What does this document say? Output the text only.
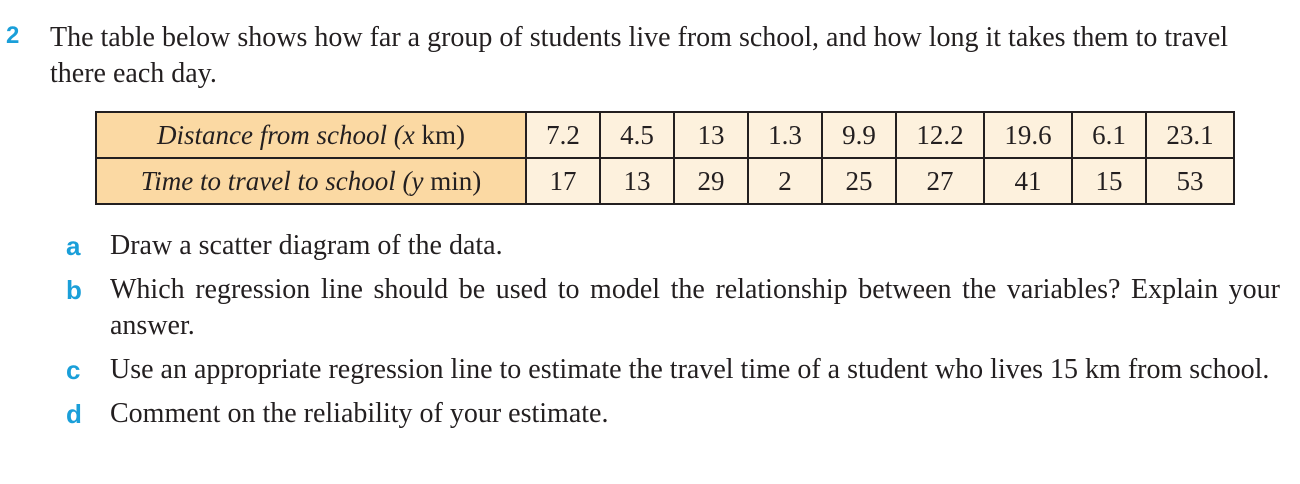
2 The table below shows how far a group of students live from school, and how long it takes them to travel there each day.
Distance from school (x km)	7.2	4.5	13	1.3	9.9	12.2	19.6	6.1	23.1
Time to travel to school (y min)	17	13	29	2	25	27	41	15	53
a	Draw a scatter diagram of the data.
b	Which regression line should be used to model the relationship between the variables? Explain your answer.
c	Use an appropriate regression line to estimate the travel time of a student who lives 15 km from school.
d	Comment on the reliability of your estimate.
